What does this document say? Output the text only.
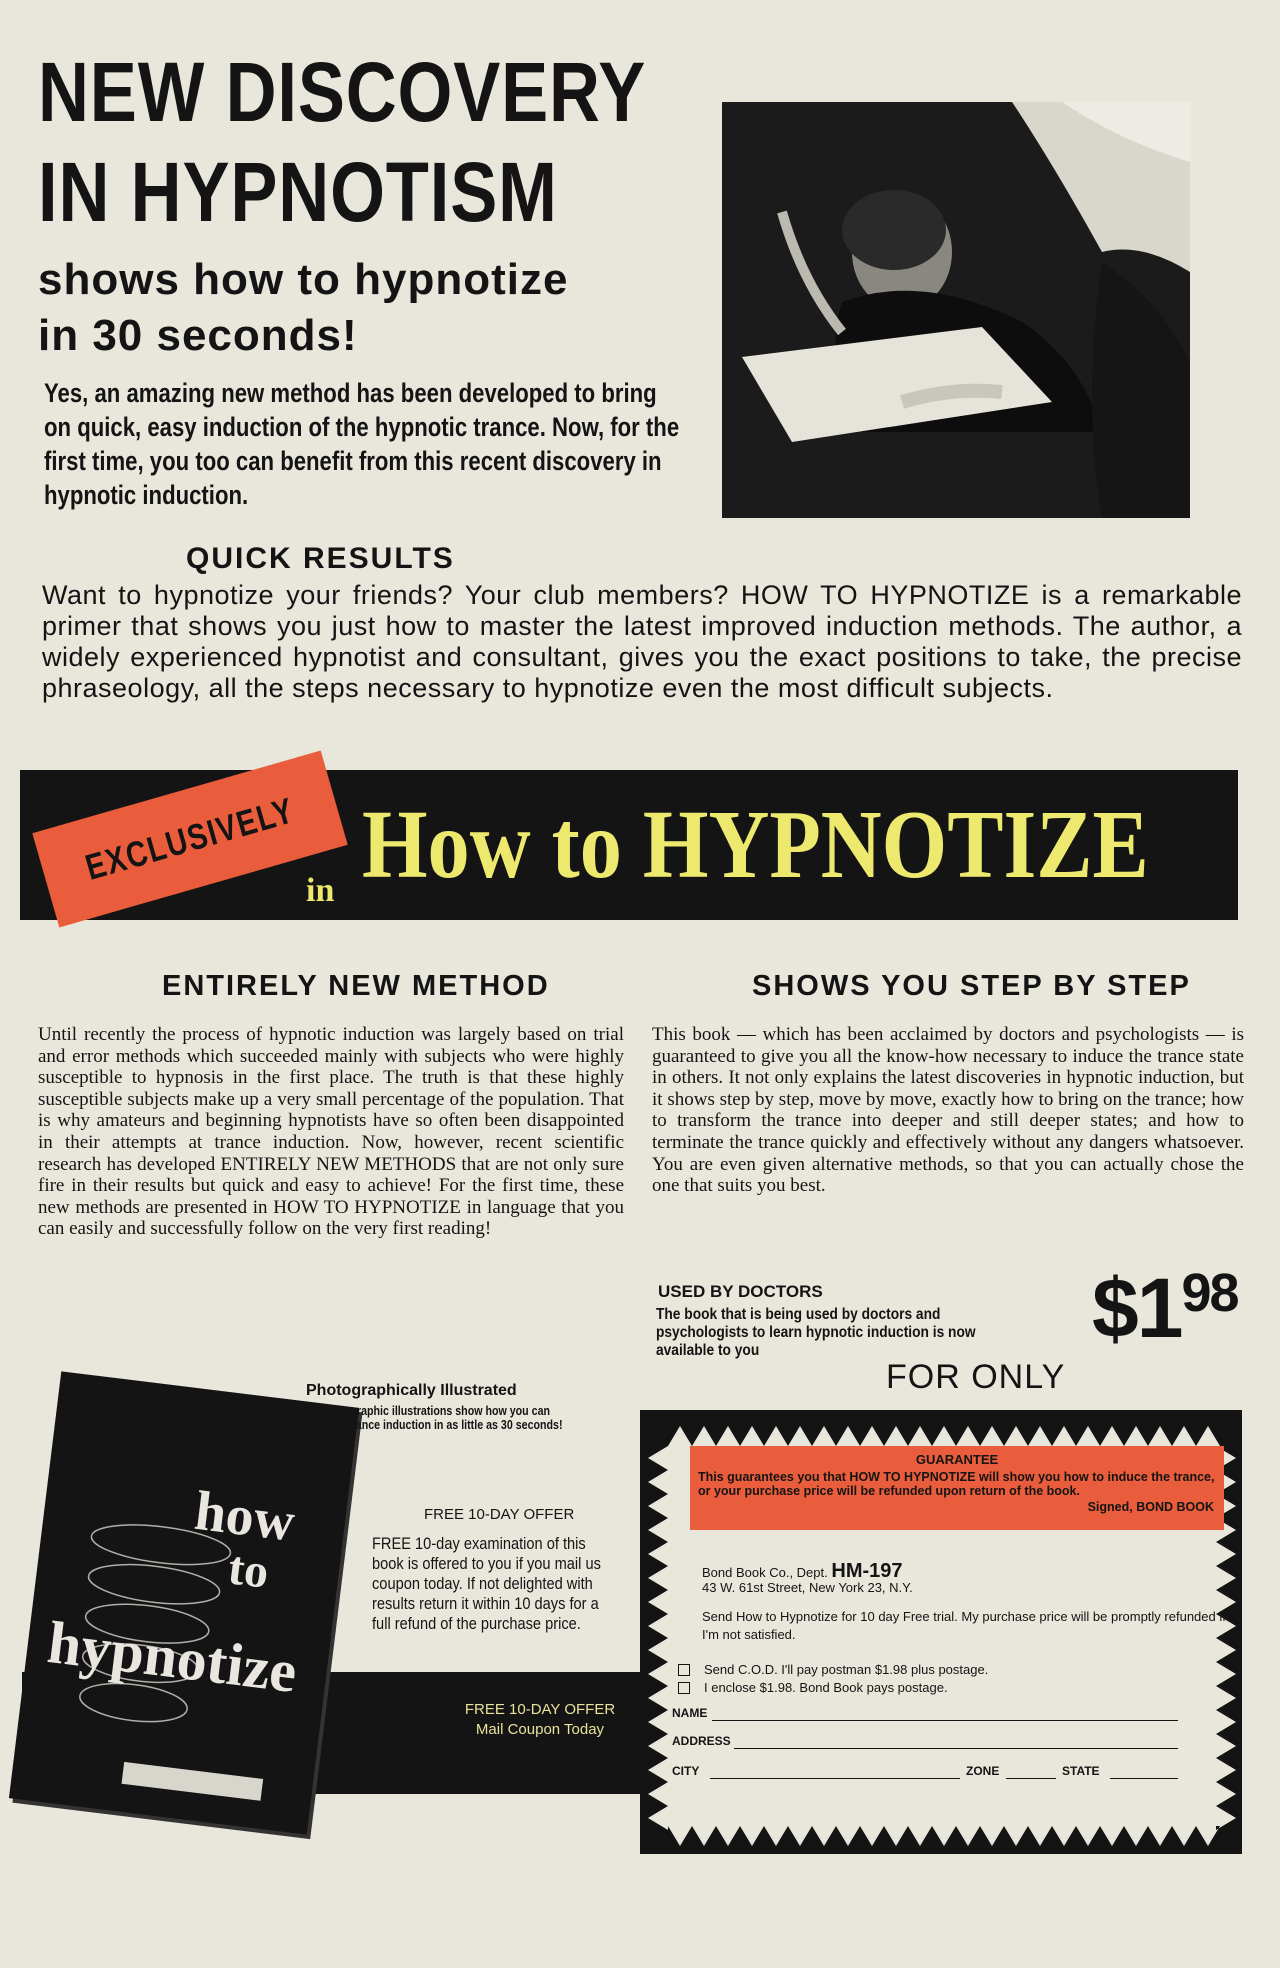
NEW DISCOVERY
IN HYPNOTISM
shows how to hypnotize
in 30 seconds!
Yes, an amazing new method has been developed to bring on quick, easy induction of the hypnotic trance. Now, for the first time, you too can benefit from this recent discovery in hypnotic induction.
QUICK RESULTS
Want to hypnotize your friends? Your club members? HOW TO HYPNOTIZE is a remarkable primer that shows you just how to master the latest improved induction methods. The author, a widely experienced hypnotist and consultant, gives you the exact positions to take, the precise phraseology, all the steps necessary to hypnotize even the most difficult subjects.
EXCLUSIVELY
in How to HYPNOTIZE
ENTIRELY NEW METHOD	SHOWS YOU STEP BY STEP
Until recently the process of hypnotic induction was largely based on trial and error methods which succeeded mainly with subjects who were highly susceptible to hypnosis in the first place. The truth is that these highly susceptible subjects make up a very small percentage of the population. That is why amateurs and beginning hypnotists have so often been disappointed in their attempts at trance induction. Now, however, recent scientific research has developed ENTIRELY NEW METHODS that are not only sure fire in their results but quick and easy to achieve! For the first time, these new methods are presented in HOW TO HYPNOTIZE in language that you can easily and successfully follow on the very first reading!
This book — which has been acclaimed by doctors and psychologists — is guaranteed to give you all the know-how necessary to induce the trance state in others. It not only explains the latest discoveries in hypnotic induction, but it shows step by step, move by move, exactly how to bring on the trance; how to transform the trance into deeper and still deeper states; and how to terminate the trance quickly and effectively without any dangers whatsoever. You are even given alternative methods, so that you can actually chose the one that suits you best.
USED BY DOCTORS
The book that is being used by doctors and psychologists to learn hypnotic induction is now available to you	$\$1^{98}$
FOR ONLY
FREE 10-DAY OFFER
Mail Coupon Today
how
to
hypnotize
Photographically Illustrated
40 photographic illustrations show how you can achieve trance induction in as little as 30 seconds!
FREE 10-DAY OFFER
FREE 10-day examination of this book is offered to you if you mail us coupon today. If not delighted with results return it within 10 days for a full refund of the purchase price.
GUARANTEE
This guarantees you that HOW TO HYPNOTIZE will show you how to induce the trance, or your purchase price will be refunded upon return of the book.
Signed, BOND BOOK
Bond Book Co., Dept. HM-197
43 W. 61st Street, New York 23, N.Y.
Send How to Hypnotize for 10 day Free trial. My purchase price will be promptly refunded if I'm not satisfied.
Send C.O.D. I'll pay postman $1.98 plus postage.
I enclose $1.98. Bond Book pays postage.
NAME
ADDRESS
CITY	ZONE	STATE
